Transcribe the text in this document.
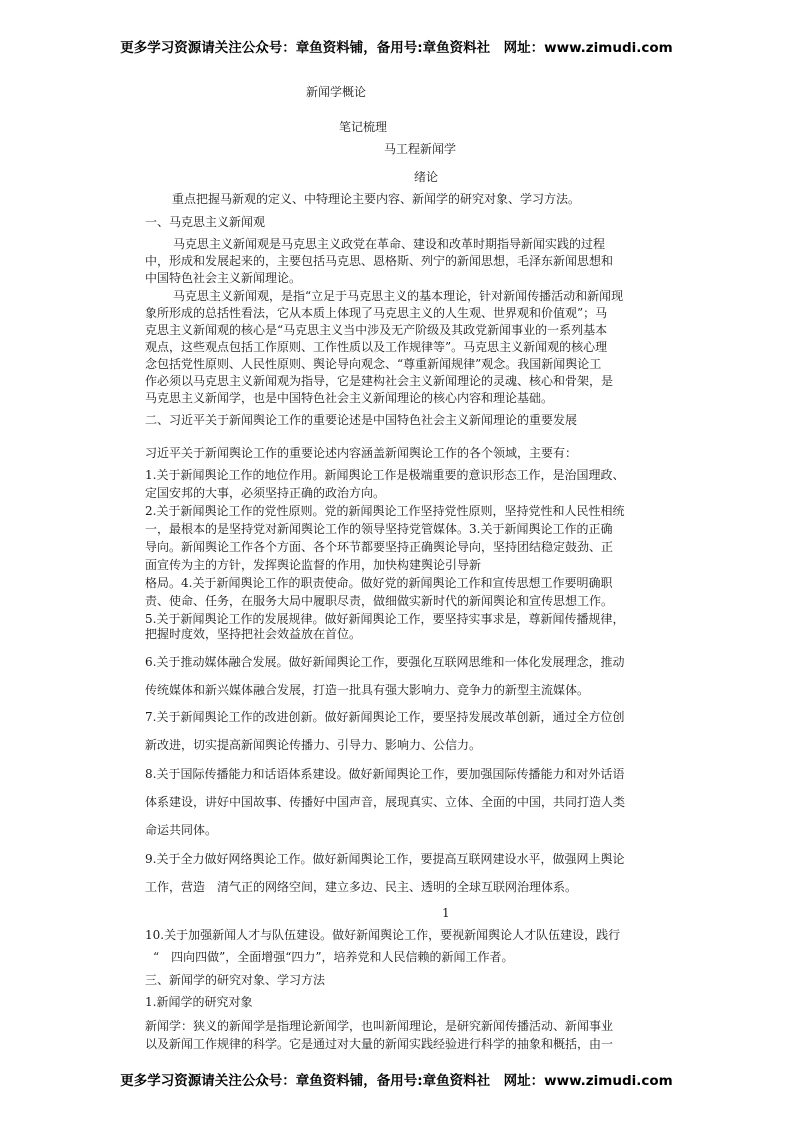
更多学习资源请关注公众号：章鱼资料铺，备用号:章鱼资料社　网址：www.zimudi.com
新闻学概论
笔记梳理
马工程新闻学
绪论
重点把握马新观的定义、中特理论主要内容、新闻学的研究对象、学习方法。
一、马克思主义新闻观
马克思主义新闻观是马克思主义政党在革命、建设和改革时期指导新闻实践的过程
中，形成和发展起来的，主要包括马克思、恩格斯、列宁的新闻思想，毛泽东新闻思想和
中国特色社会主义新闻理论。
马克思主义新闻观，是指“立足于马克思主义的基本理论，针对新闻传播活动和新闻现
象所形成的总括性看法，它从本质上体现了马克思主义的人生观、世界观和价值观”；马
克思主义新闻观的核心是“马克思主义当中涉及无产阶级及其政党新闻事业的一系列基本
观点，这些观点包括工作原则、工作性质以及工作规律等”。马克思主义新闻观的核心理
念包括党性原则、人民性原则、舆论导向观念、“尊重新闻规律”观念。我国新闻舆论工
作必须以马克思主义新闻观为指导，它是建构社会主义新闻理论的灵魂、核心和骨架，是
马克思主义新闻学，也是中国特色社会主义新闻理论的核心内容和理论基础。
二、习近平关于新闻舆论工作的重要论述是中国特色社会主义新闻理论的重要发展
习近平关于新闻舆论工作的重要论述内容涵盖新闻舆论工作的各个领域，主要有：
1.关于新闻舆论工作的地位作用。新闻舆论工作是极端重要的意识形态工作，是治国理政、
定国安邦的大事，必须坚持正确的政治方向。
2.关于新闻舆论工作的党性原则。党的新闻舆论工作坚持党性原则，坚持党性和人民性相统
一，最根本的是坚持党对新闻舆论工作的领导坚持党管媒体。3.关于新闻舆论工作的正确
导向。新闻舆论工作各个方面、各个环节都要坚持正确舆论导向，坚持团结稳定鼓劲、正
面宣传为主的方针，发挥舆论监督的作用，加快构建舆论引导新
格局。4.关于新闻舆论工作的职责使命。做好党的新闻舆论工作和宣传思想工作要明确职
责、使命、任务，在服务大局中履职尽责，做细做实新时代的新闻舆论和宣传思想工作。
5.关于新闻舆论工作的发展规律。做好新闻舆论工作，要坚持实事求是，尊新闻传播规律，
把握时度效，坚持把社会效益放在首位。
6.关于推动媒体融合发展。做好新闻舆论工作，要强化互联网思维和一体化发展理念，推动
传统媒体和新兴媒体融合发展，打造一批具有强大影响力、竞争力的新型主流媒体。
7.关于新闻舆论工作的改进创新。做好新闻舆论工作，要坚持发展改革创新，通过全方位创
新改进，切实提高新闻舆论传播力、引导力、影响力、公信力。
8.关于国际传播能力和话语体系建设。做好新闻舆论工作，要加强国际传播能力和对外话语
体系建设，讲好中国故事、传播好中国声音，展现真实、立体、全面的中国，共同打造人类
命运共同体。
9.关于全力做好网络舆论工作。做好新闻舆论工作，要提高互联网建设水平，做强网上舆论
工作，营造　清气正的网络空间，建立多边、民主、透明的全球互联网治理体系。
1
10.关于加强新闻人才与队伍建设。做好新闻舆论工作，要视新闻舆论人才队伍建设，践行
“　四向四做”，全面增强“四力”，培养党和人民信赖的新闻工作者。
三、新闻学的研究对象、学习方法
1.新闻学的研究对象
新闻学：狭义的新闻学是指理论新闻学，也叫新闻理论，是研究新闻传播活动、新闻事业
以及新闻工作规律的科学。它是通过对大量的新闻实践经验进行科学的抽象和概括，由一
更多学习资源请关注公众号：章鱼资料铺，备用号:章鱼资料社　网址：www.zimudi.com
